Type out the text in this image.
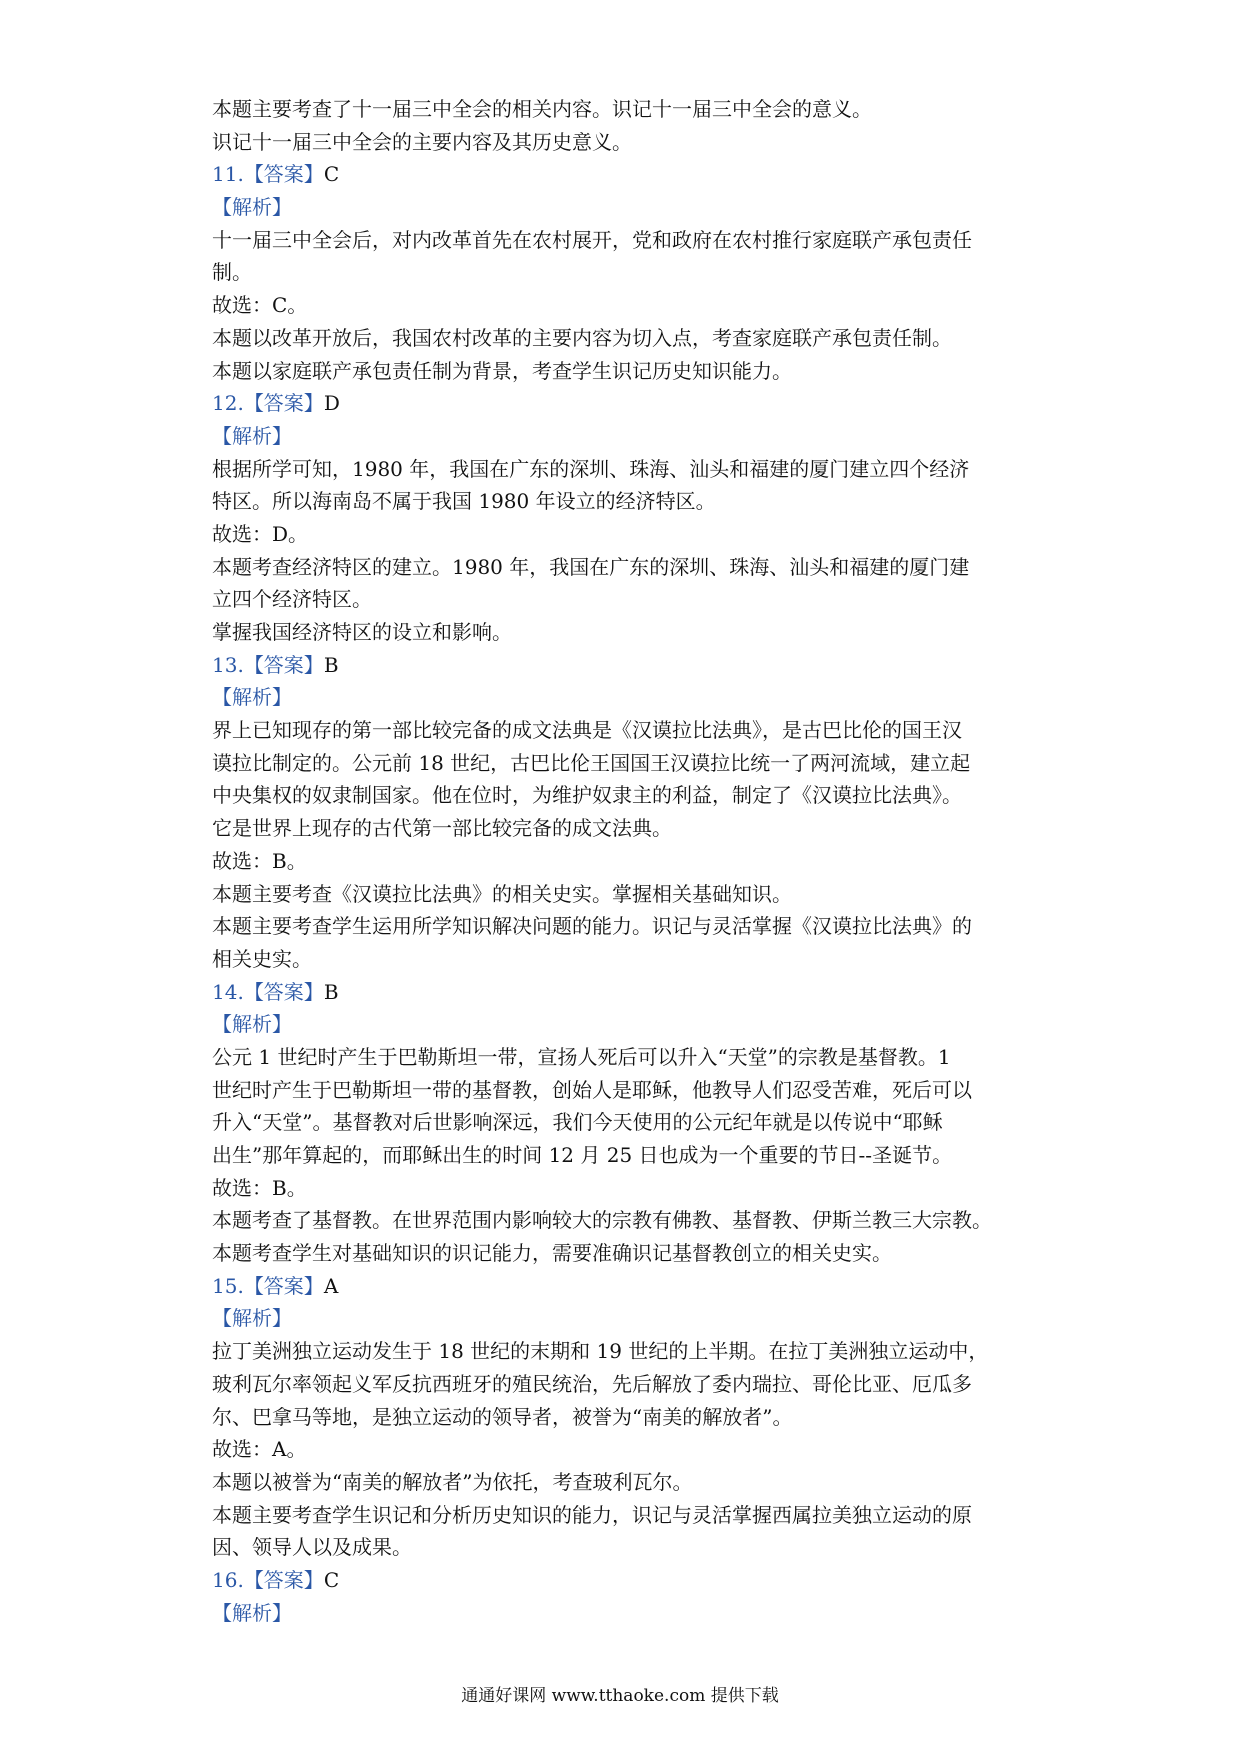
本题主要考查了十一届三中全会的相关内容。识记十一届三中全会的意义。
识记十一届三中全会的主要内容及其历史意义。
11.【答案】C
【解析】
十一届三中全会后，对内改革首先在农村展开，党和政府在农村推行家庭联产承包责任
制。
故选：C。
本题以改革开放后，我国农村改革的主要内容为切入点，考查家庭联产承包责任制。
本题以家庭联产承包责任制为背景，考查学生识记历史知识能力。
12.【答案】D
【解析】
根据所学可知，1980 年，我国在广东的深圳、珠海、汕头和福建的厦门建立四个经济
特区。所以海南岛不属于我国 1980 年设立的经济特区。
故选：D。
本题考查经济特区的建立。1980 年，我国在广东的深圳、珠海、汕头和福建的厦门建
立四个经济特区。
掌握我国经济特区的设立和影响。
13.【答案】B
【解析】
界上已知现存的第一部比较完备的成文法典是《汉谟拉比法典》，是古巴比伦的国王汉
谟拉比制定的。公元前 18 世纪，古巴比伦王国国王汉谟拉比统一了两河流域，建立起
中央集权的奴隶制国家。他在位时，为维护奴隶主的利益，制定了《汉谟拉比法典》。
它是世界上现存的古代第一部比较完备的成文法典。
故选：B。
本题主要考查《汉谟拉比法典》的相关史实。掌握相关基础知识。
本题主要考查学生运用所学知识解决问题的能力。识记与灵活掌握《汉谟拉比法典》的
相关史实。
14.【答案】B
【解析】
公元 1 世纪时产生于巴勒斯坦一带，宣扬人死后可以升入“天堂”的宗教是基督教。1
世纪时产生于巴勒斯坦一带的基督教，创始人是耶稣，他教导人们忍受苦难，死后可以
升入“天堂”。基督教对后世影响深远，我们今天使用的公元纪年就是以传说中“耶稣
出生”那年算起的，而耶稣出生的时间 12 月 25 日也成为一个重要的节日--圣诞节。
故选：B。
本题考查了基督教。在世界范围内影响较大的宗教有佛教、基督教、伊斯兰教三大宗教。
本题考查学生对基础知识的识记能力，需要准确识记基督教创立的相关史实。
15.【答案】A
【解析】
拉丁美洲独立运动发生于 18 世纪的末期和 19 世纪的上半期。在拉丁美洲独立运动中，
玻利瓦尔率领起义军反抗西班牙的殖民统治，先后解放了委内瑞拉、哥伦比亚、厄瓜多
尔、巴拿马等地，是独立运动的领导者，被誉为“南美的解放者”。
故选：A。
本题以被誉为“南美的解放者”为依托，考查玻利瓦尔。
本题主要考查学生识记和分析历史知识的能力，识记与灵活掌握西属拉美独立运动的原
因、领导人以及成果。
16.【答案】C
【解析】
通通好课网 www.tthaoke.com 提供下载
